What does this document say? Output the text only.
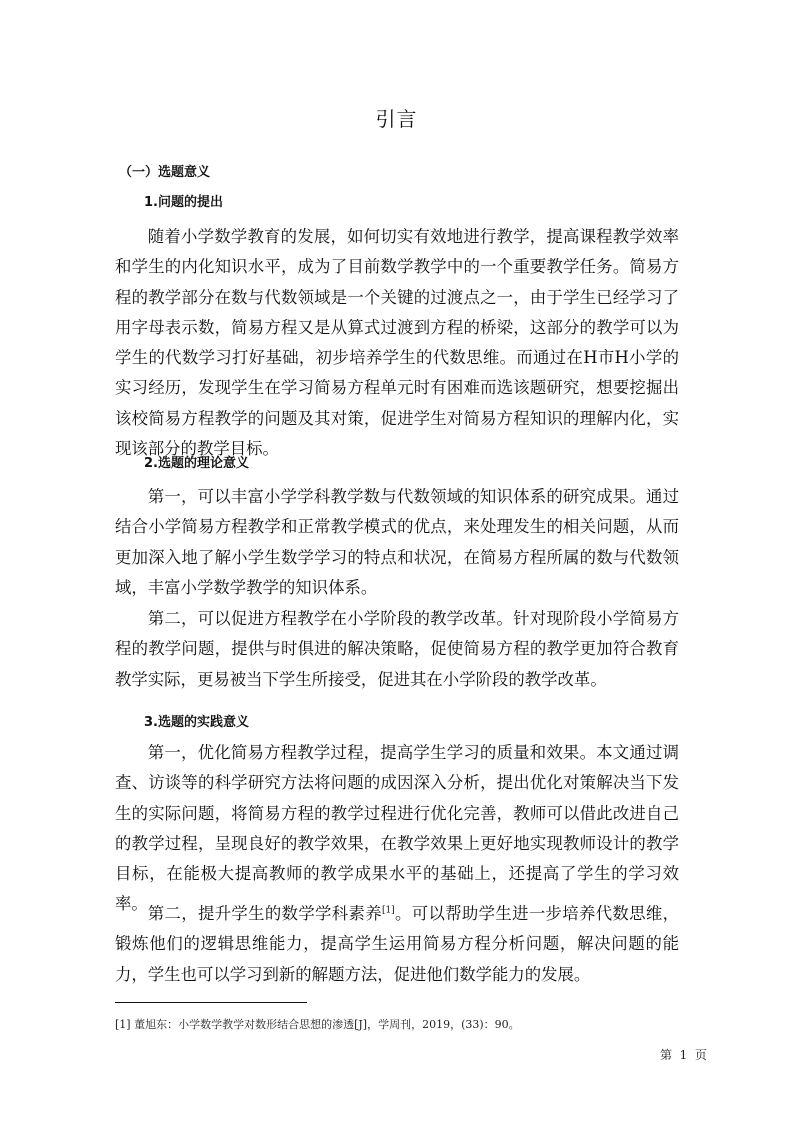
引言
（一）选题意义
1.问题的提出

随着小学数学教育的发展，如何切实有效地进行教学，提高课程教学效率和学生的内化知识水平，成为了目前数学教学中的一个重要教学任务。简易方程的教学部分在数与代数领域是一个关键的过渡点之一，由于学生已经学习了用字母表示数，简易方程又是从算式过渡到方程的桥梁，这部分的教学可以为学生的代数学习打好基础，初步培养学生的代数思维。而通过在H市H小学的实习经历，发现学生在学习简易方程单元时有困难而选该题研究，想要挖掘出该校简易方程教学的问题及其对策，促进学生对简易方程知识的理解内化，实现该部分的教学目标。

2.选题的理论意义

第一，可以丰富小学学科教学数与代数领域的知识体系的研究成果。通过结合小学简易方程教学和正常教学模式的优点，来处理发生的相关问题，从而更加深入地了解小学生数学学习的特点和状况，在简易方程所属的数与代数领域，丰富小学数学教学的知识体系。

第二，可以促进方程教学在小学阶段的教学改革。针对现阶段小学简易方程的教学问题，提供与时俱进的解决策略，促使简易方程的教学更加符合教育教学实际，更易被当下学生所接受，促进其在小学阶段的教学改革。

3.选题的实践意义

第一，优化简易方程教学过程，提高学生学习的质量和效果。本文通过调查、访谈等的科学研究方法将问题的成因深入分析，提出优化对策解决当下发生的实际问题，将简易方程的教学过程进行优化完善，教师可以借此改进自己的教学过程，呈现良好的教学效果，在教学效果上更好地实现教师设计的教学目标，在能极大提高教师的教学成果水平的基础上，还提高了学生的学习效率。

第二，提升学生的数学学科素养[1]。可以帮助学生进一步培养代数思维，锻炼他们的逻辑思维能力，提高学生运用简易方程分析问题，解决问题的能力，学生也可以学习到新的解题方法，促进他们数学能力的发展。

[1] 董旭东：小学数学教学对数形结合思想的渗透[J]，学周刊，2019，(33)：90。
第  1  页
